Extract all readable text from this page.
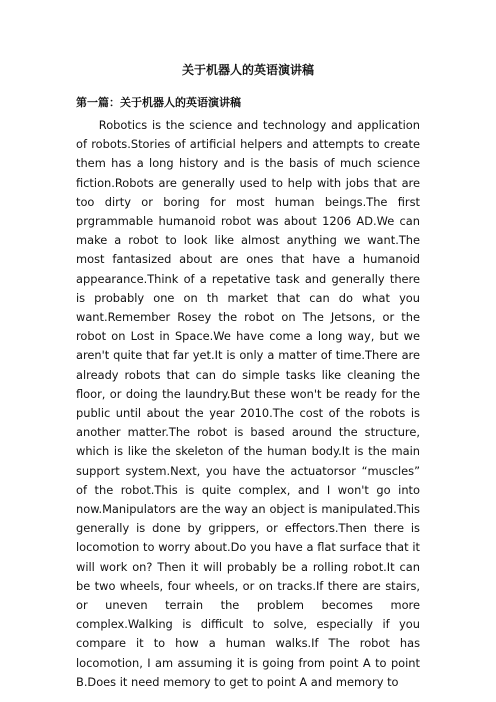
关于机器人的英语演讲稿
第一篇：关于机器人的英语演讲稿

Robotics is the science and technology and application of robots.Stories of artificial helpers and attempts to create them has a long history and is the basis of much science fiction.Robots are generally used to help with jobs that are too dirty or boring for most human beings.The first prgrammable humanoid robot was about 1206 AD.We can make a robot to look like almost anything we want.The most fantasized about are ones that have a humanoid appearance.Think of a repetative task and generally there is probably one on th market that can do what you want.Remember Rosey the robot on The Jetsons, or the robot on Lost in Space.We have come a long way, but we aren't quite that far yet.It is only a matter of time.There are already robots that can do simple tasks like cleaning the floor, or doing the laundry.But these won't be ready for the public until about the year 2010.The cost of the robots is another matter.The robot is based around the structure, which is like the skeleton of the human body.It is the main support system.Next, you have the actuatorsor “muscles” of the robot.This is quite complex, and I won't go into now.Manipulators are the way an object is manipulated.This generally is done by grippers, or effectors.Then there is locomotion to worry about.Do you have a flat surface that it will work on? Then it will probably be a rolling robot.It can be two wheels, four wheels, or on tracks.If there are stairs, or uneven terrain the problem becomes more complex.Walking is difficult to solve, especially if you compare it to how a human walks.If The robot has locomotion, I am assuming it is going from point A to point B.Does it need memory to get to point A and memory to
